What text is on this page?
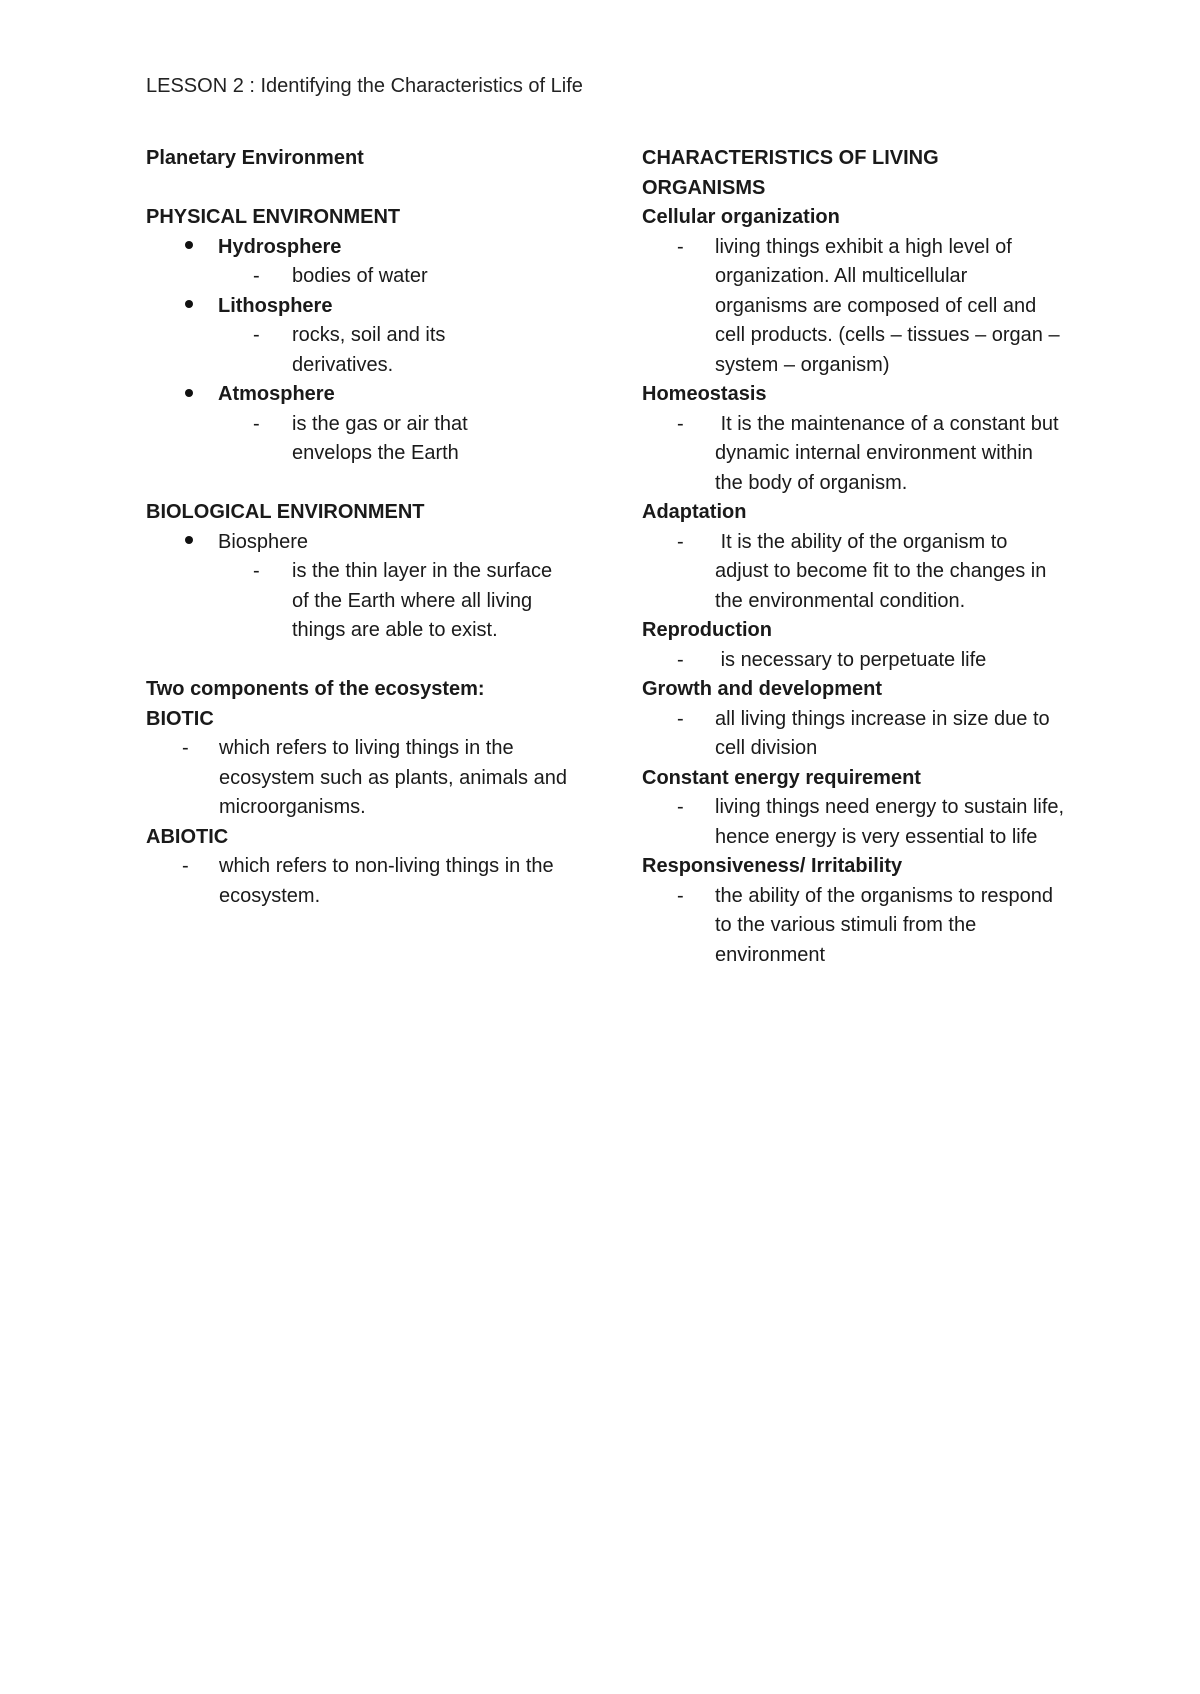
LESSON 2 : Identifying the Characteristics of Life
Planetary Environment
PHYSICAL ENVIRONMENT
Hydrosphere
-	bodies of water
Lithosphere
-	rocks, soil and its derivatives.
Atmosphere
-	is the gas or air that envelops the Earth
BIOLOGICAL ENVIRONMENT
Biosphere
-	is the thin layer in the surface of the Earth where all living things are able to exist.
Two components of the ecosystem:
BIOTIC
-	which refers to living things in the ecosystem such as plants, animals and microorganisms.
ABIOTIC
-	which refers to non-living things in the ecosystem.
CHARACTERISTICS OF LIVING ORGANISMS
Cellular organization
-	living things exhibit a high level of organization. All multicellular organisms are composed of cell and cell products. (cells – tissues – organ – system – organism)
Homeostasis
-	It is the maintenance of a constant but dynamic internal environment within the body of organism.
Adaptation
-	It is the ability of the organism to adjust to become fit to the changes in the environmental condition.
Reproduction
-	is necessary to perpetuate life
Growth and development
-	all living things increase in size due to cell division
Constant energy requirement
-	living things need energy to sustain life, hence energy is very essential to life
Responsiveness/ Irritability
-	the ability of the organisms to respond to the various stimuli from the environment
